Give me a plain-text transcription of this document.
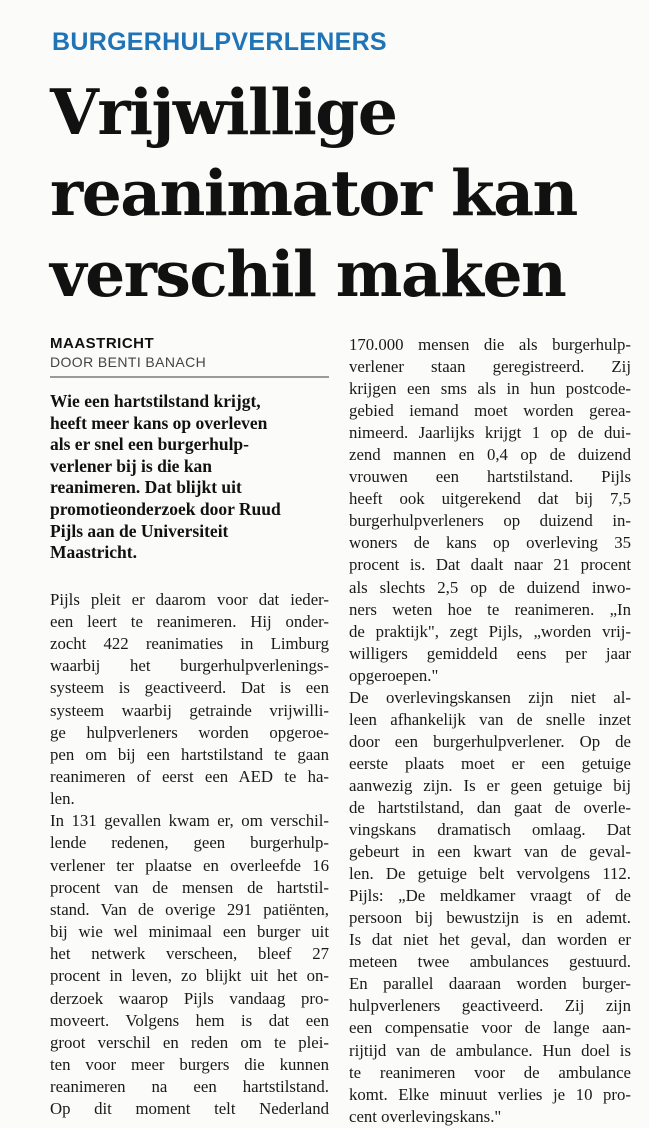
BURGERHULPVERLENERS
Vrijwillige
reanimator kan
verschil maken
MAASTRICHT
DOOR BENTI BANACH
Wie een hartstilstand krijgt,
heeft meer kans op overleven
als er snel een burgerhulp-
verlener bij is die kan
reanimeren. Dat blijkt uit
promotieonderzoek door Ruud
Pijls aan de Universiteit
Maastricht.
Pijls pleit er daarom voor dat ieder-
een leert te reanimeren. Hij onder-
zocht 422 reanimaties in Limburg
waarbij het burgerhulpverlenings-
systeem is geactiveerd. Dat is een
systeem waarbij getrainde vrijwilli-
ge hulpverleners worden opgeroe-
pen om bij een hartstilstand te gaan
reanimeren of eerst een AED te ha-
len.
In 131 gevallen kwam er, om verschil-
lende redenen, geen burgerhulp-
verlener ter plaatse en overleefde 16
procent van de mensen de hartstil-
stand. Van de overige 291 patiënten,
bij wie wel minimaal een burger uit
het netwerk verscheen, bleef 27
procent in leven, zo blijkt uit het on-
derzoek waarop Pijls vandaag pro-
moveert. Volgens hem is dat een
groot verschil en reden om te plei-
ten voor meer burgers die kunnen
reanimeren na een hartstilstand.
Op dit moment telt Nederland
170.000 mensen die als burgerhulp-
verlener staan geregistreerd. Zij
krijgen een sms als in hun postcode-
gebied iemand moet worden gerea-
nimeerd. Jaarlijks krijgt 1 op de dui-
zend mannen en 0,4 op de duizend
vrouwen een hartstilstand. Pijls
heeft ook uitgerekend dat bij 7,5
burgerhulpverleners op duizend in-
woners de kans op overleving 35
procent is. Dat daalt naar 21 procent
als slechts 2,5 op de duizend inwo-
ners weten hoe te reanimeren. „In
de praktijk", zegt Pijls, „worden vrij-
willigers gemiddeld eens per jaar
opgeroepen."
De overlevingskansen zijn niet al-
leen afhankelijk van de snelle inzet
door een burgerhulpverlener. Op de
eerste plaats moet er een getuige
aanwezig zijn. Is er geen getuige bij
de hartstilstand, dan gaat de overle-
vingskans dramatisch omlaag. Dat
gebeurt in een kwart van de geval-
len. De getuige belt vervolgens 112.
Pijls: „De meldkamer vraagt of de
persoon bij bewustzijn is en ademt.
Is dat niet het geval, dan worden er
meteen twee ambulances gestuurd.
En parallel daaraan worden burger-
hulpverleners geactiveerd. Zij zijn
een compensatie voor de lange aan-
rijtijd van de ambulance. Hun doel is
te reanimeren voor de ambulance
komt. Elke minuut verlies je 10 pro-
cent overlevingskans."
